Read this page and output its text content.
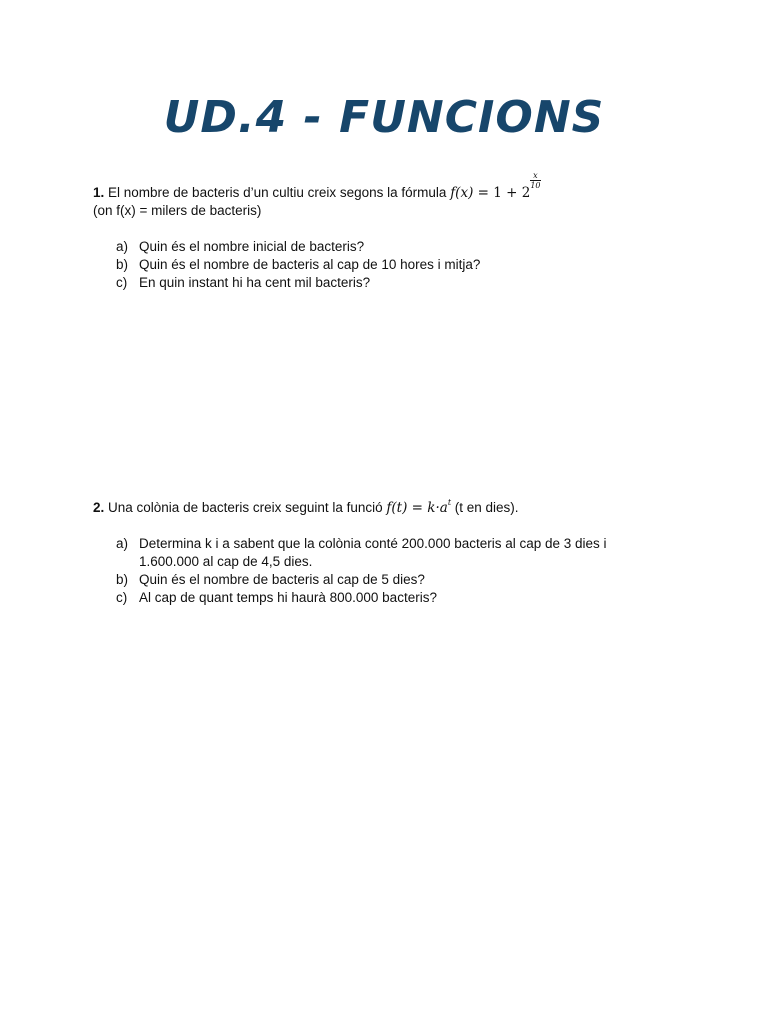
UD.4 - FUNCIONS
1. El nombre de bacteris d’un cultiu creix segons la fórmula f(x) = 1 + 2
$\frac{x}{10}$
(on f(x) = milers de bacteris)
a) Quin és el nombre inicial de bacteris?
b) Quin és el nombre de bacteris al cap de 10 hores i mitja?
c) En quin instant hi ha cent mil bacteris?
2. Una colònia de bacteris creix seguint la funció $f(t) = k\cdot a^t$ (t en dies).
a) Determina k i a sabent que la colònia conté 200.000 bacteris al cap de 3 dies i
1.600.000 al cap de 4,5 dies.
b) Quin és el nombre de bacteris al cap de 5 dies?
c) Al cap de quant temps hi haurà 800.000 bacteris?
